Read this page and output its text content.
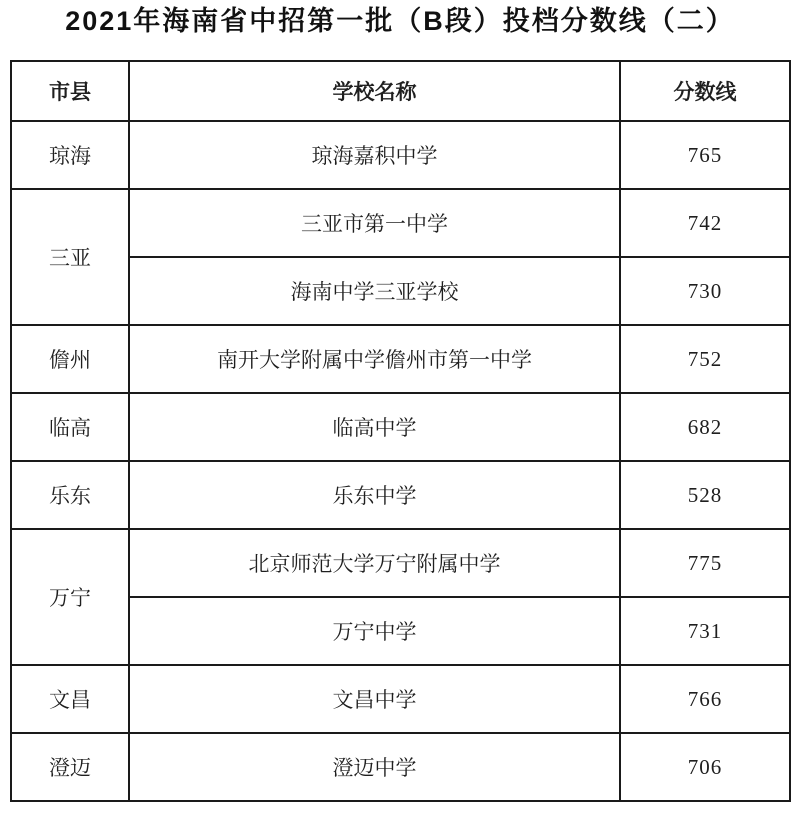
2021年海南省中招第一批（B段）投档分数线（二）
市县	学校名称	分数线
琼海	琼海嘉积中学	765
三亚	三亚市第一中学	742
	海南中学三亚学校	730
儋州	南开大学附属中学儋州市第一中学	752
临高	临高中学	682
乐东	乐东中学	528
万宁	北京师范大学万宁附属中学	775
	万宁中学	731
文昌	文昌中学	766
澄迈	澄迈中学	706
